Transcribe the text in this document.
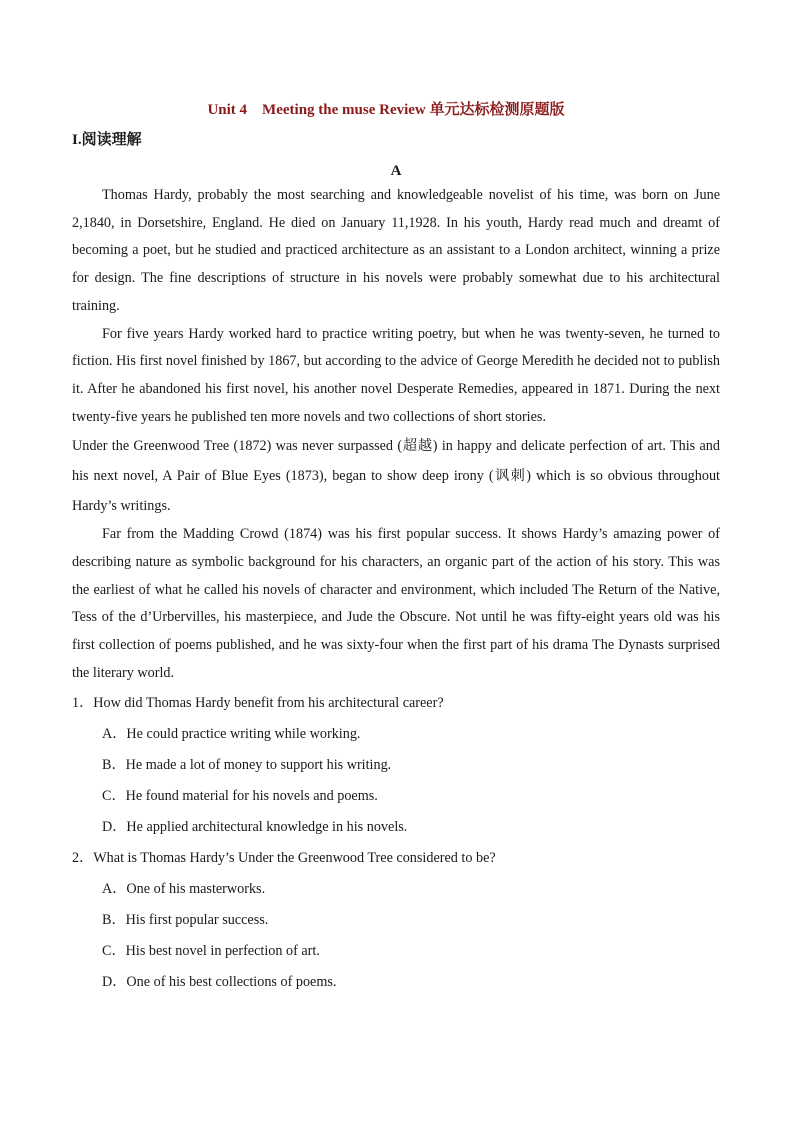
Unit 4　Meeting the muse Review 单元达标检测原题版
I.阅读理解
A

Thomas Hardy, probably the most searching and knowledgeable novelist of his time, was born on June 2,1840, in Dorsetshire, England. He died on January 11,1928. In his youth, Hardy read much and dreamt of becoming a poet, but he studied and practiced architecture as an assistant to a London architect, winning a prize for design. The fine descriptions of structure in his novels were probably somewhat due to his architectural training.

For five years Hardy worked hard to practice writing poetry, but when he was twenty-seven, he turned to fiction. His first novel finished by 1867, but according to the advice of George Meredith he decided not to publish it. After he abandoned his first novel, his another novel Desperate Remedies, appeared in 1871. During the next twenty-five years he published ten more novels and two collections of short stories.

Under the Greenwood Tree (1872) was never surpassed (超越) in happy and delicate perfection of art. This and his next novel, A Pair of Blue Eyes (1873), began to show deep irony (讽刺) which is so obvious throughout Hardy’s writings.

Far from the Madding Crowd (1874) was his first popular success. It shows Hardy’s amazing power of describing nature as symbolic background for his characters, an organic part of the action of his story. This was the earliest of what he called his novels of character and environment, which included The Return of the Native, Tess of the d’Urbervilles, his masterpiece, and Jude the Obscure. Not until he was fifty-eight years old was his first collection of poems published, and he was sixty-four when the first part of his drama The Dynasts surprised the literary world.

1．How did Thomas Hardy benefit from his architectural career?

A．He could practice writing while working.

B．He made a lot of money to support his writing.

C．He found material for his novels and poems.

D．He applied architectural knowledge in his novels.

2．What is Thomas Hardy’s Under the Greenwood Tree considered to be?

A．One of his masterworks.

B．His first popular success.

C．His best novel in perfection of art.

D．One of his best collections of poems.
